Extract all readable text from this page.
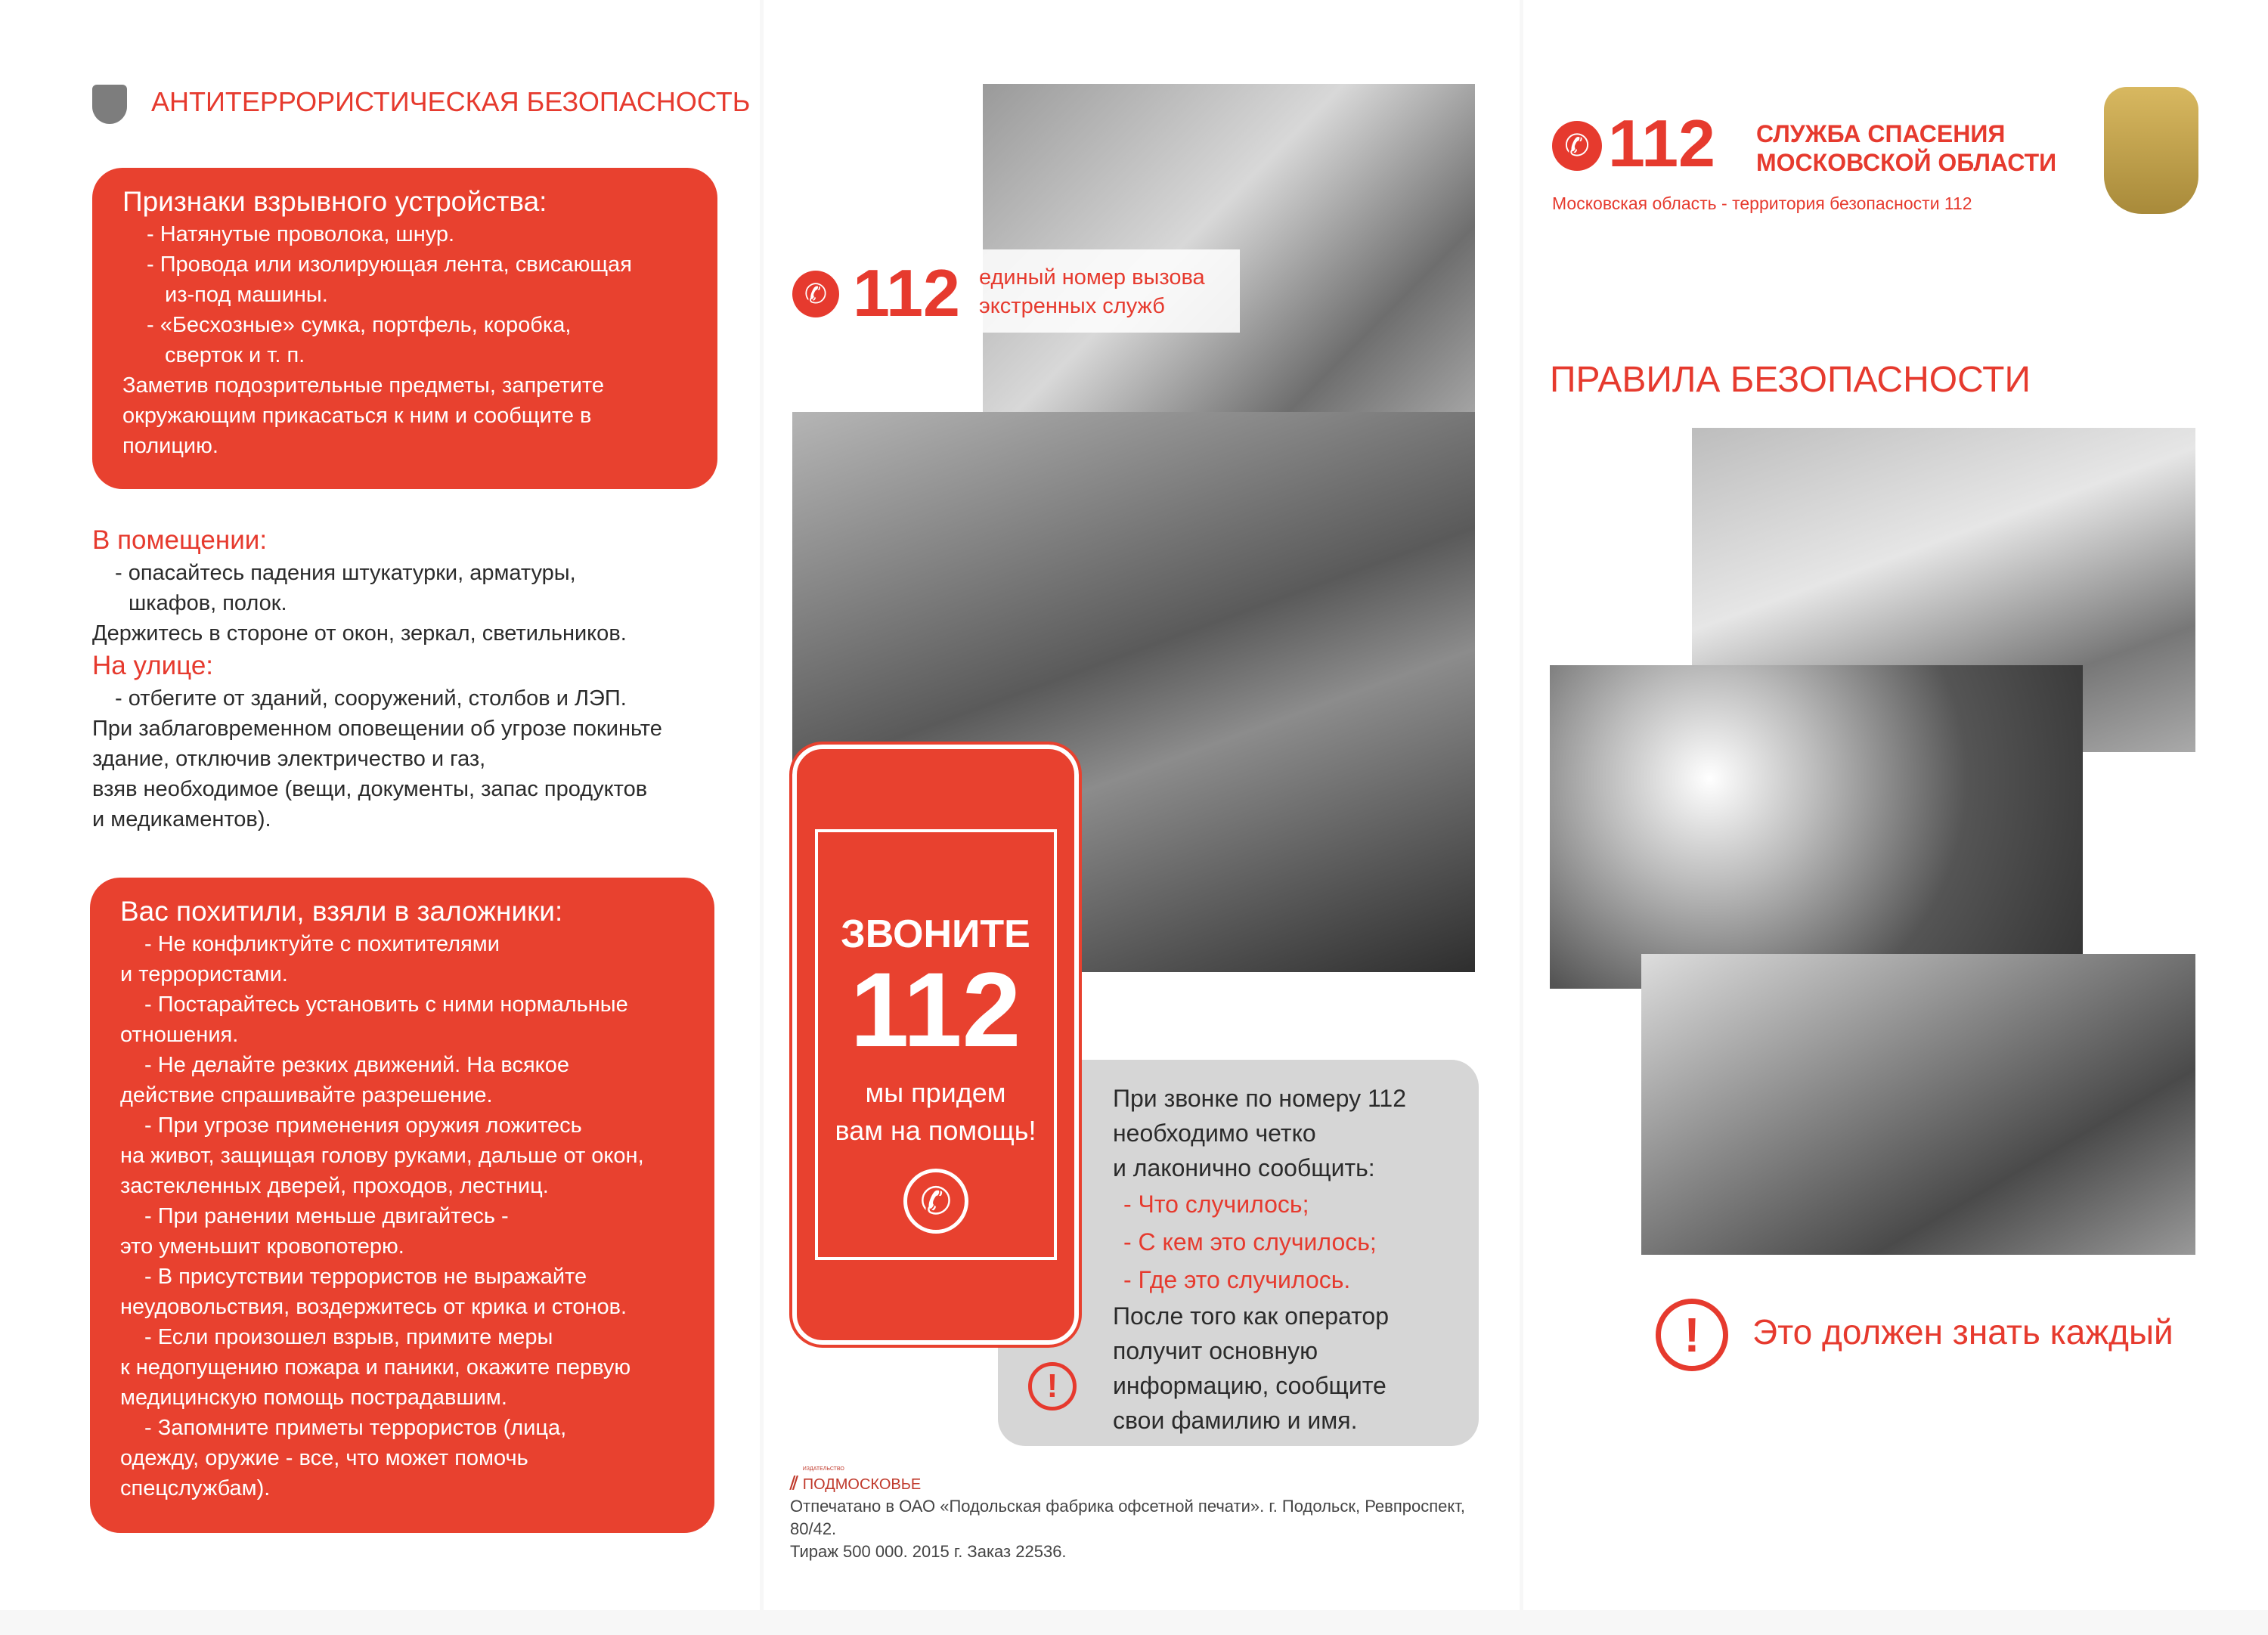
АНТИТЕРРОРИСТИЧЕСКАЯ БЕЗОПАСНОСТЬ
Признаки взрывного устройства:
- Натянутые проволока, шнур.
- Провода или изолирующая лента, свисающая
из-под машины.
- «Бесхозные» сумка, портфель, коробка,
сверток и т. п.
Заметив подозрительные предметы, запретите
окружающим прикасаться к ним и сообщите в
полицию.
В помещении:
- опасайтесь падения штукатурки, арматуры,
шкафов, полок.
Держитесь в стороне от окон, зеркал, светильников.
На улице:
- отбегите от зданий, сооружений, столбов и ЛЭП.
При заблаговременном оповещении об угрозе покиньте
здание, отключив электричество и газ,
взяв необходимое (вещи, документы, запас продуктов
и медикаментов).
Вас похитили, взяли в заложники:
- Не конфликтуйте с похитителями
и террористами.
- Постарайтесь установить с ними нормальные
отношения.
- Не делайте резких движений. На всякое
действие спрашивайте разрешение.
- При угрозе применения оружия ложитесь
на живот, защищая голову руками, дальше от окон,
застекленных дверей, проходов, лестниц.
- При ранении меньше двигайтесь -
это уменьшит кровопотерю.
- В присутствии террористов не выражайте
неудовольствия, воздержитесь от крика и стонов.
- Если произошел взрыв, примите меры
к недопущению пожара и паники, окажите первую
медицинскую помощь пострадавшим.
- Запомните приметы террористов (лица,
одежду, оружие - все, что может помочь
спецслужбам).
✆ 112 единый номер вызова
экстренных служб
При звонке по номеру 112
необходимо четко
и лаконично сообщить:
- Что случилось;
- С кем это случилось;
- Где это случилось.
После того как оператор
получит основную
информацию, сообщите
свои фамилию и имя.
!
ЗВОНИТЕ
112
мы придем
вам на помощь!
✆
⫽
ИЗДАТЕЛЬСТВО
ПОДМОСКОВЬЕ
Отпечатано в ОАО «Подольская фабрика офсетной печати». г. Подольск, Ревпроспект, 80/42.
Тираж 500 000. 2015 г. Заказ 22536.
✆ 112 СЛУЖБА СПАСЕНИЯ
МОСКОВСКОЙ ОБЛАСТИ
Московская область - территория безопасности 112
ПРАВИЛА БЕЗОПАСНОСТИ
!	Это должен знать каждый
